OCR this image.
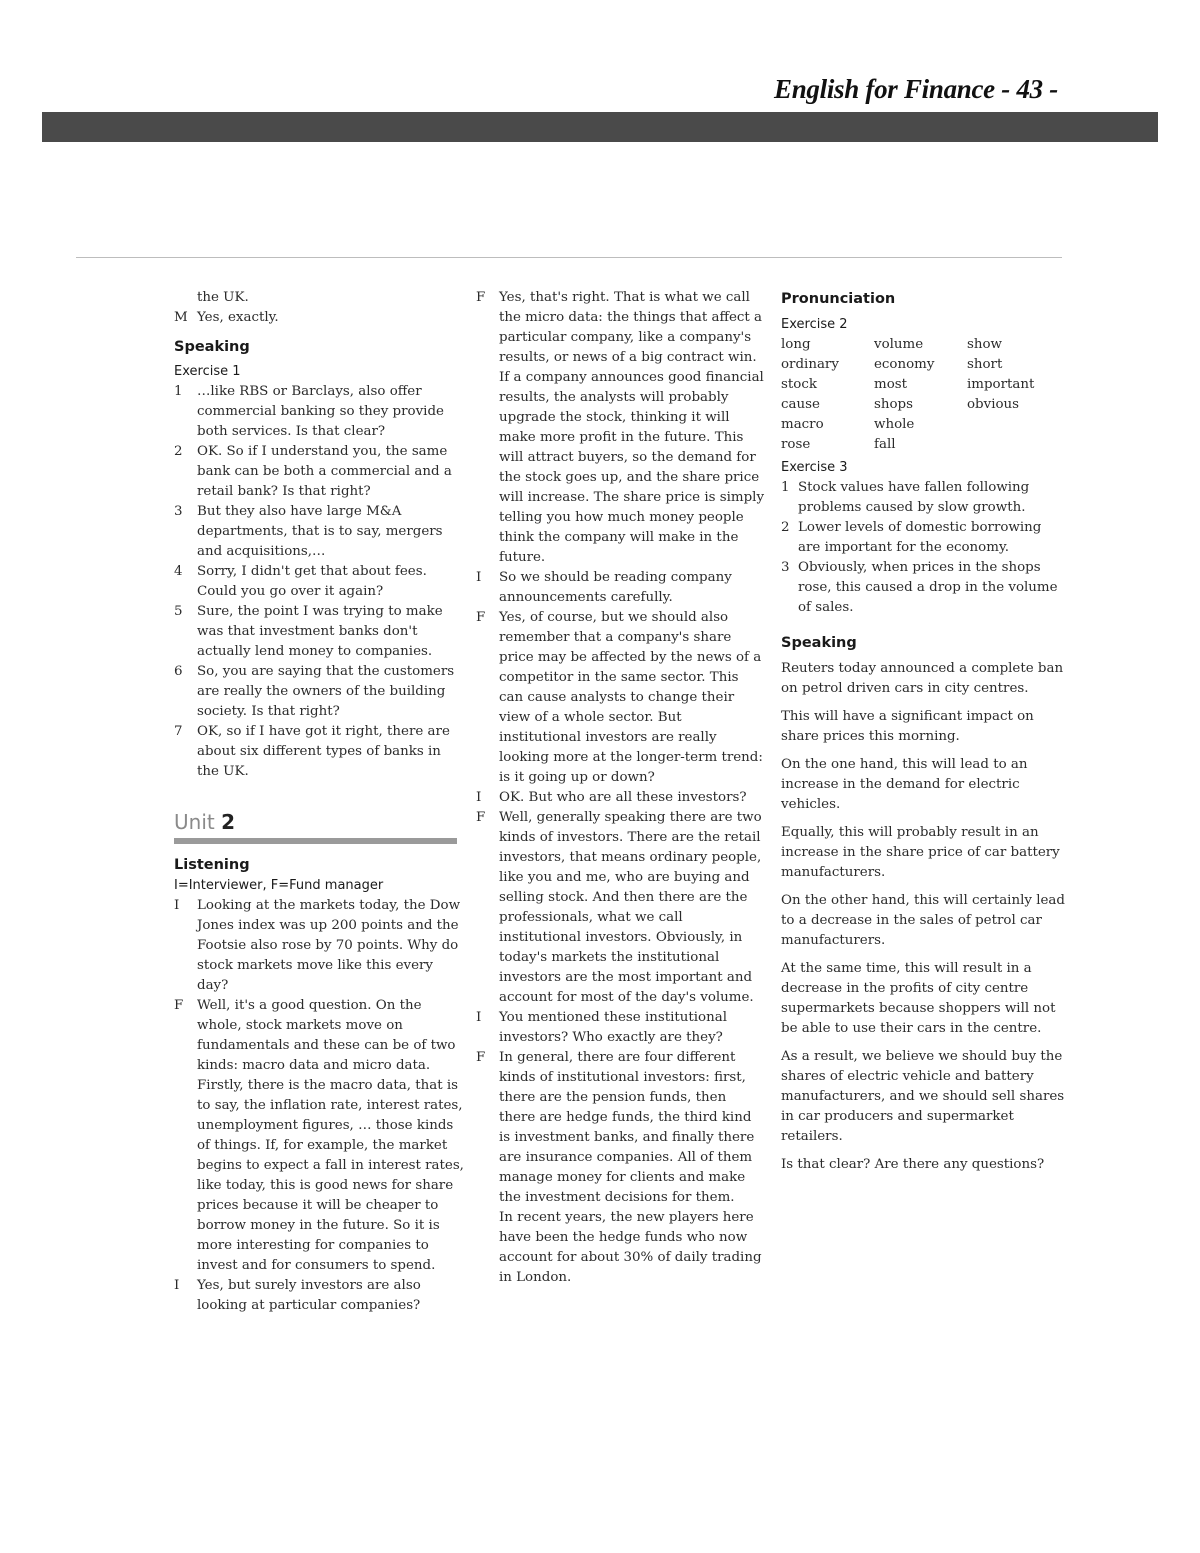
English for Finance - 43 -

the UK.

M Yes, exactly.

Speaking

Exercise 1

1	…like RBS or Barclays, also offer commercial banking so they provide both services. Is that clear?
2	OK. So if I understand you, the same bank can be both a commercial and a retail bank? Is that right?
3	But they also have large M&A departments, that is to say, mergers and acquisitions,…
4	Sorry, I didn't get that about fees. Could you go over it again?
5	Sure, the point I was trying to make was that investment banks don't actually lend money to companies.
6	So, you are saying that the customers are really the owners of the building society. Is that right?
7	OK, so if I have got it right, there are about six different types of banks in the UK.

Unit 2

Listening

I=Interviewer, F=Fund manager

I	Looking at the markets today, the Dow Jones index was up 200 points and the Footsie also rose by 70 points. Why do stock markets move like this every day?
F	Well, it's a good question. On the whole, stock markets move on fundamentals and these can be of two kinds: macro data and micro data.

Firstly, there is the macro data, that is to say, the inflation rate, interest rates, unemployment figures, … those kinds of things. If, for example, the market begins to expect a fall in interest rates, like today, this is good news for share prices because it will be cheaper to borrow money in the future. So it is more interesting for companies to invest and for consumers to spend.

I	Yes, but surely investors are also looking at particular companies?
F	Yes, that's right. That is what we call the micro data: the things that affect a particular company, like a company's results, or news of a big contract win.

If a company announces good financial results, the analysts will probably upgrade the stock, thinking it will make more profit in the future. This will attract buyers, so the demand for the stock goes up, and the share price will increase. The share price is simply telling you how much money people think the company will make in the future.

I	So we should be reading company announcements carefully.
F	Yes, of course, but we should also remember that a company's share price may be affected by the news of a competitor in the same sector. This can cause analysts to change their view of a whole sector. But institutional investors are really looking more at the longer-term trend: is it going up or down?
I	OK. But who are all these investors?
F	Well, generally speaking there are two kinds of investors. There are the retail investors, that means ordinary people, like you and me, who are buying and selling stock. And then there are the professionals, what we call institutional investors. Obviously, in today's markets the institutional investors are the most important and account for most of the day's volume.
I	You mentioned these institutional investors? Who exactly are they?
F	In general, there are four different kinds of institutional investors: first, there are the pension funds, then there are hedge funds, the third kind is investment banks, and finally there are insurance companies. All of them manage money for clients and make the investment decisions for them.

In recent years, the new players here have been the hedge funds who now account for about 30% of daily trading in London.

Pronunciation

Exercise 2

long	volume	show
ordinary	economy	short
stock	most	important
cause	shops	obvious
macro	whole
rose	fall

Exercise 3

1 Stock values have fallen following problems caused by slow growth.
2 Lower levels of domestic borrowing are important for the economy.
3 Obviously, when prices in the shops rose, this caused a drop in the volume of sales.

Speaking

Reuters today announced a complete ban on petrol driven cars in city centres.

This will have a significant impact on share prices this morning.

On the one hand, this will lead to an increase in the demand for electric vehicles.

Equally, this will probably result in an increase in the share price of car battery manufacturers.

On the other hand, this will certainly lead to a decrease in the sales of petrol car manufacturers.

At the same time, this will result in a decrease in the profits of city centre supermarkets because shoppers will not be able to use their cars in the centre.

As a result, we believe we should buy the shares of electric vehicle and battery manufacturers, and we should sell shares in car producers and supermarket retailers.

Is that clear? Are there any questions?
